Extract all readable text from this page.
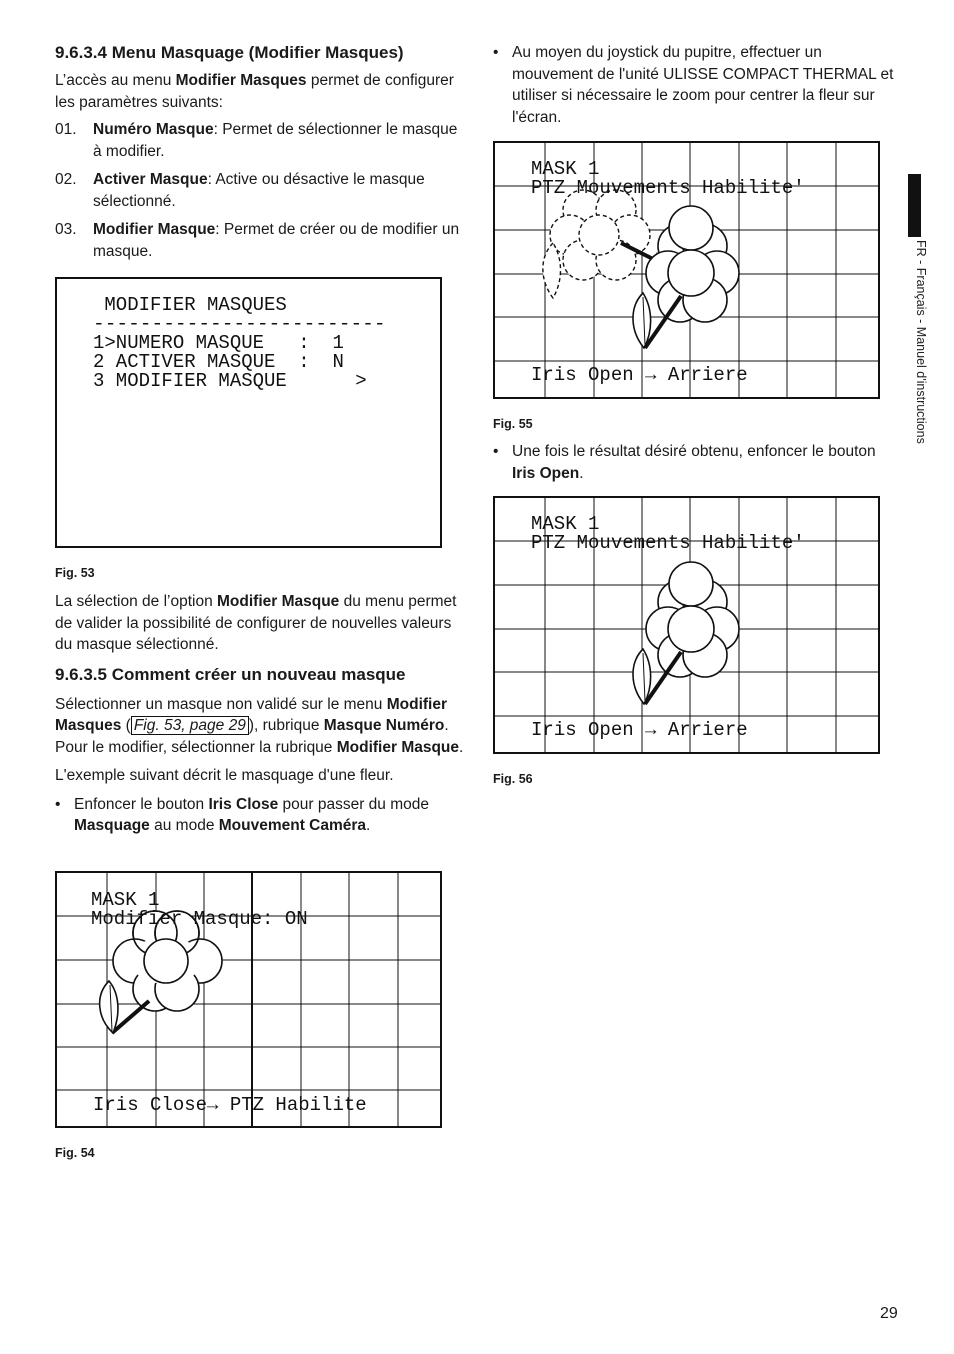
9.6.3.4 Menu Masquage (Modifier Masques)

L’accès au menu Modifier Masques permet de configurer les paramètres suivants:

01. Numéro Masque: Permet de sélectionner le masque à modifier.
02. Activer Masque: Active ou désactive le masque sélectionné.
03. Modifier Masque: Permet de créer ou de modifier un masque.
MODIFIER MASQUES
-------------------------
1>NUMERO MASQUE   :  1
2 ACTIVER MASQUE  :  N
3 MODIFIER MASQUE      >
Fig. 53

La sélection de l’option Modifier Masque du menu permet de valider la possibilité de configurer de nouvelles valeurs du masque sélectionné.

9.6.3.5 Comment créer un nouveau masque

Sélectionner un masque non validé sur le menu Modifier Masques ( Fig. 53, page 29 ), rubrique Masque Numéro. Pour le modifier, sélectionner la rubrique Modifier Masque.

L'exemple suivant décrit le masquage d'une fleur.

• Enfoncer le bouton Iris Close pour passer du mode Masquage au mode Mouvement Caméra.
MASK 1
Modifier Masque: ON
Iris Close→ PTZ Habilite
Fig. 54
• Au moyen du joystick du pupitre, effectuer un mouvement de l'unité ULISSE COMPACT THERMAL et utiliser si nécessaire le zoom pour centrer la fleur sur l'écran.
MASK 1
PTZ Mouvements Habilite'
Iris Open → Arriere
Fig. 55
• Une fois le résultat désiré obtenu, enfoncer le bouton Iris Open.
MASK 1
PTZ Mouvements Habilite'
Iris Open → Arriere
Fig. 56
FR - Français - Manuel d'instructions
29
